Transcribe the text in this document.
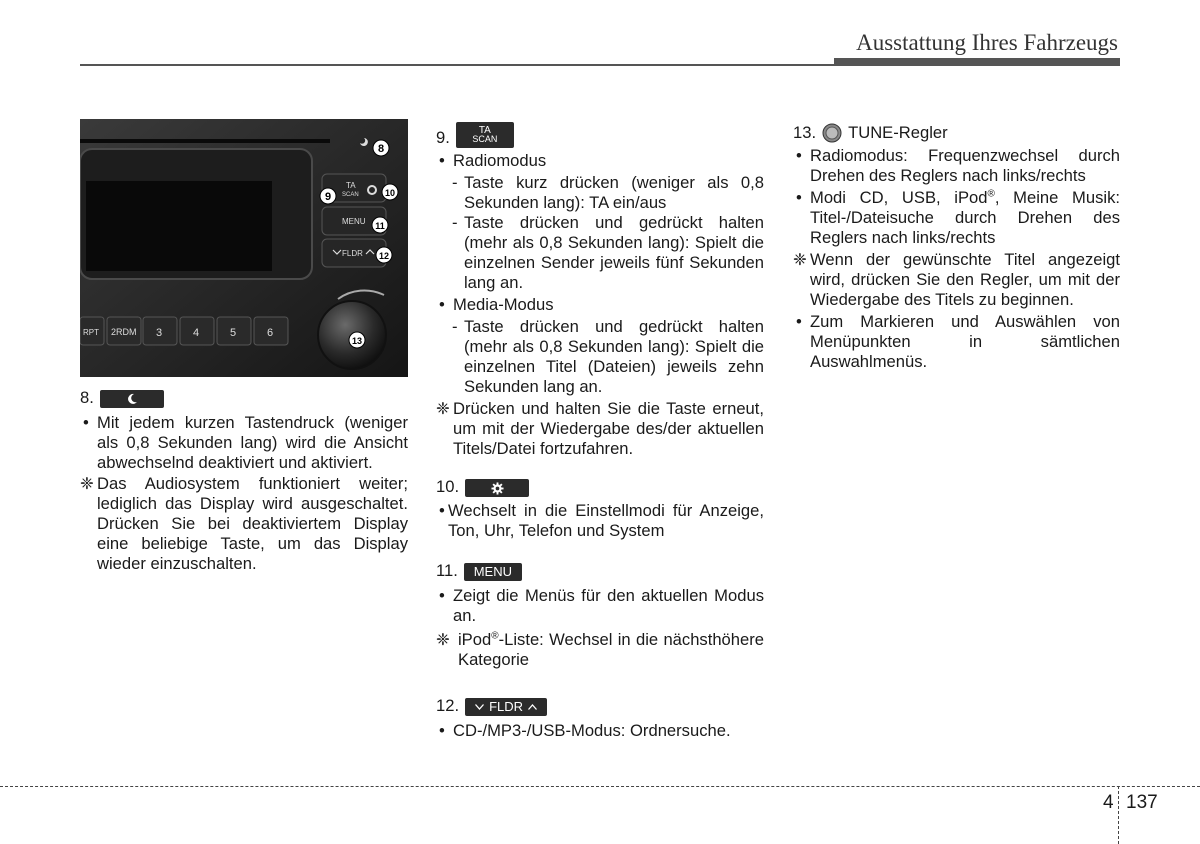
Ausstattung Ihres Fahrzeugs
TA
SCAN
MENU
FLDR
RPT 2RDM 3	4	5	6
8
9	10
11
12
13
8.
• Mit jedem kurzen Tastendruck (weniger als 0,8 Sekunden lang) wird die Ansicht abwechselnd deaktiviert und aktiviert.
❈ Das Audiosystem funktioniert weiter; lediglich das Display wird ausgeschaltet. Drücken Sie bei deaktiviertem Display eine beliebige Taste, um das Display wieder einzuschalten.
9.	TA
SCAN
• Radiomodus
- Taste kurz drücken (weniger als 0,8 Sekunden lang): TA ein/aus
- Taste drücken und gedrückt halten (mehr als 0,8 Sekunden lang): Spielt die einzelnen Sender jeweils fünf Sekunden lang an.
• Media-Modus
- Taste drücken und gedrückt halten (mehr als 0,8 Sekunden lang): Spielt die einzelnen Titel (Dateien) jeweils zehn Sekunden lang an.
❈ Drücken und halten Sie die Taste erneut, um mit der Wiedergabe des/der aktuellen Titels/Datei fortzufahren.
10.
• Wechselt in die Einstellmodi für Anzeige, Ton, Uhr, Telefon und System
11.	MENU
• Zeigt die Menüs für den aktuellen Modus an.
❈ iPod®-Liste: Wechsel in die nächsthöhere Kategorie
12. FLDR
• CD-/MP3-/USB-Modus: Ordnersuche.
13. TUNE-Regler
• Radiomodus: Frequenzwechsel durch Drehen des Reglers nach links/rechts
• Modi CD, USB, iPod®, Meine Musik: Titel-/Dateisuche durch Drehen des Reglers nach links/rechts
❈ Wenn der gewünschte Titel angezeigt wird, drücken Sie den Regler, um mit der Wiedergabe des Titels zu beginnen.
• Zum Markieren und Auswählen von Menüpunkten in sämtlichen Auswahlmenüs.
4 137
